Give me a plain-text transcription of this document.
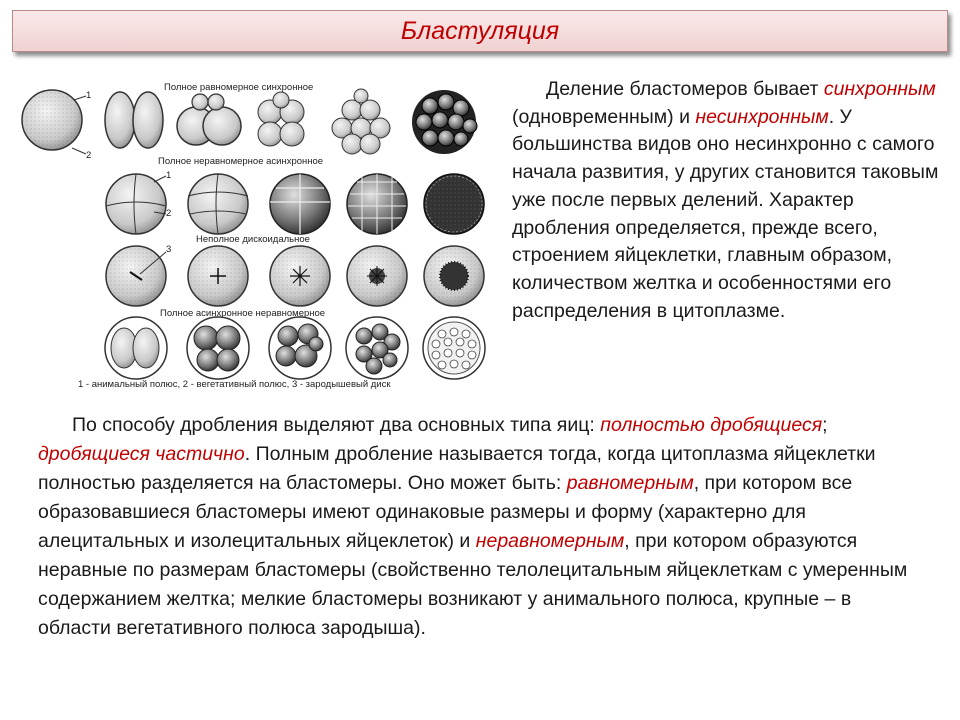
Бластуляция
Полное равномерное синхронное
Полное неравномерное асинхронное
Неполное дискоидальное
Полное асинхронное неравномерное
1
2
1
2
3
1 - анимальный полюс, 2 - вегетативный полюс, 3 - зародышевый диск
Деление бластомеров бывает синхронным (одновременным) и несинхронным. У большинства видов оно несинхронно с самого начала развития, у других становится таковым уже после первых делений. Характер дробления определяется, прежде всего, строением яйцеклетки, главным образом, количеством желтка и особенностями его распределения в цитоплазме.
По способу дробления выделяют два основных типа яиц: полностью дробящиеся; дробящиеся частично. Полным дробление называется тогда, когда цитоплазма яйцеклетки полностью разделяется на бластомеры. Оно может быть: равномерным, при котором все образовавшиеся бластомеры имеют одинаковые размеры и форму (характерно для алецитальных и изолецитальных яйцеклеток) и неравномерным, при котором образуются неравные по размерам бластомеры (свойственно телолецитальным яйцеклеткам с умеренным содержанием желтка; мелкие бластомеры возникают у анимального полюса, крупные – в области вегетативного полюса зародыша).
